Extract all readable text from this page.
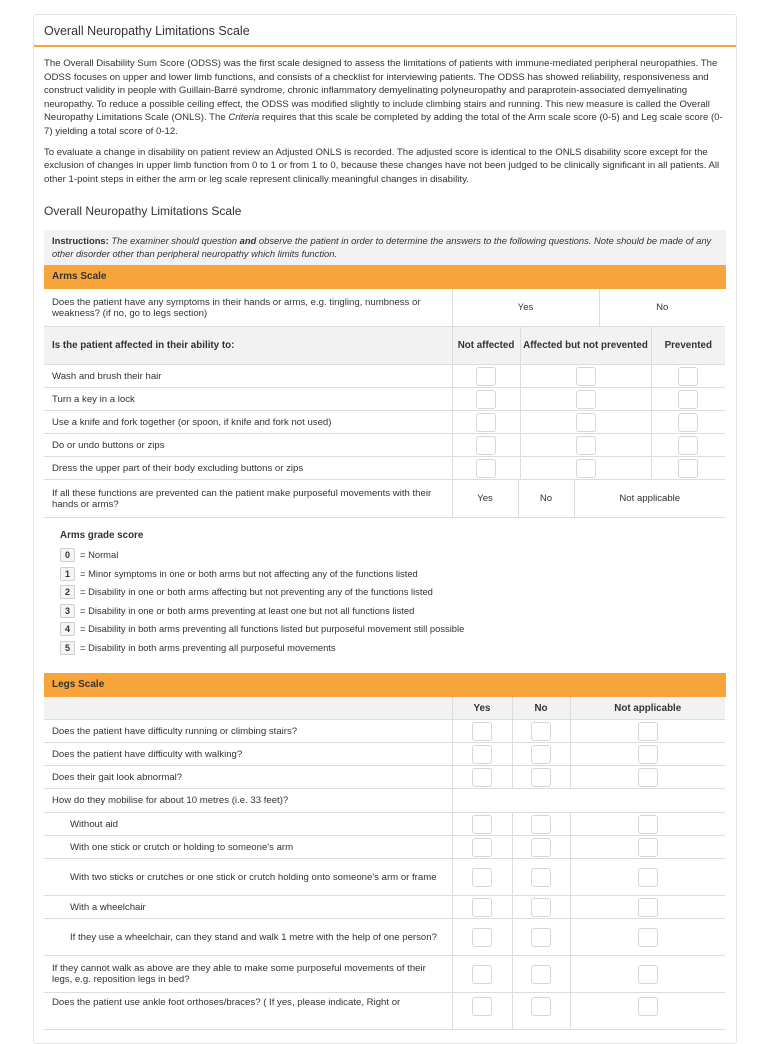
Overall Neuropathy Limitations Scale

The Overall Disability Sum Score (ODSS) was the first scale designed to assess the limitations of patients with immune-mediated peripheral neuropathies. The ODSS focuses on upper and lower limb functions, and consists of a checklist for interviewing patients. The ODSS has showed reliability, responsiveness and construct validity in people with Guillain-Barré syndrome, chronic inflammatory demyelinating polyneuropathy and paraprotein-associated demyelinating neuropathy. To reduce a possible ceiling effect, the ODSS was modified slightly to include climbing stairs and running. This new measure is called the Overall Neuropathy Limitations Scale (ONLS). The Criteria requires that this scale be completed by adding the total of the Arm scale score (0-5) and Leg scale score (0-7) yielding a total score of 0-12.

To evaluate a change in disability on patient review an Adjusted ONLS is recorded. The adjusted score is identical to the ONLS disability score except for the exclusion of changes in upper limb function from 0 to 1 or from 1 to 0, because these changes have not been judged to be clinically significant in all patients. All other 1-point steps in either the arm or leg scale represent clinically meaningful changes in disability.

Overall Neuropathy Limitations Scale
Instructions: The examiner should question and observe the patient in order to determine the answers to the following questions. Note should be made of any other disorder other than peripheral neuropathy which limits function.
Arms Scale
Does the patient have any symptoms in their hands or arms, e.g. tingling, numbness or weakness? (if no, go to legs section)	Yes	No
Is the patient affected in their ability to:	Not affected	Affected but not prevented	Prevented
Wash and brush their hair			
Turn a key in a lock			
Use a knife and fork together (or spoon, if knife and fork not used)			
Do or undo buttons or zips			
Dress the upper part of their body excluding buttons or zips			
If all these functions are prevented can the patient make purposeful movements with their hands or arms?	Yes	No	Not applicable
Arms grade score
0	= Normal
1	= Minor symptoms in one or both arms but not affecting any of the functions listed
2	= Disability in one or both arms affecting but not preventing any of the functions listed
3	= Disability in one or both arms preventing at least one but not all functions listed
4	= Disability in both arms preventing all functions listed but purposeful movement still possible
5	= Disability in both arms preventing all purposeful movements
Legs Scale
	Yes	No	Not applicable
Does the patient have difficulty running or climbing stairs?			
Does the patient have difficulty with walking?			
Does their gait look abnormal?			
How do they mobilise for about 10 metres (i.e. 33 feet)?			
Without aid			
With one stick or crutch or holding to someone's arm			
With two sticks or crutches or one stick or crutch holding onto someone's arm or frame			
With a wheelchair			
If they use a wheelchair, can they stand and walk 1 metre with the help of one person?			
If they cannot walk as above are they able to make some purposeful movements of their legs, e.g. reposition legs in bed?			
Does the patient use ankle foot orthoses/braces? ( If yes, please indicate, Right or			
